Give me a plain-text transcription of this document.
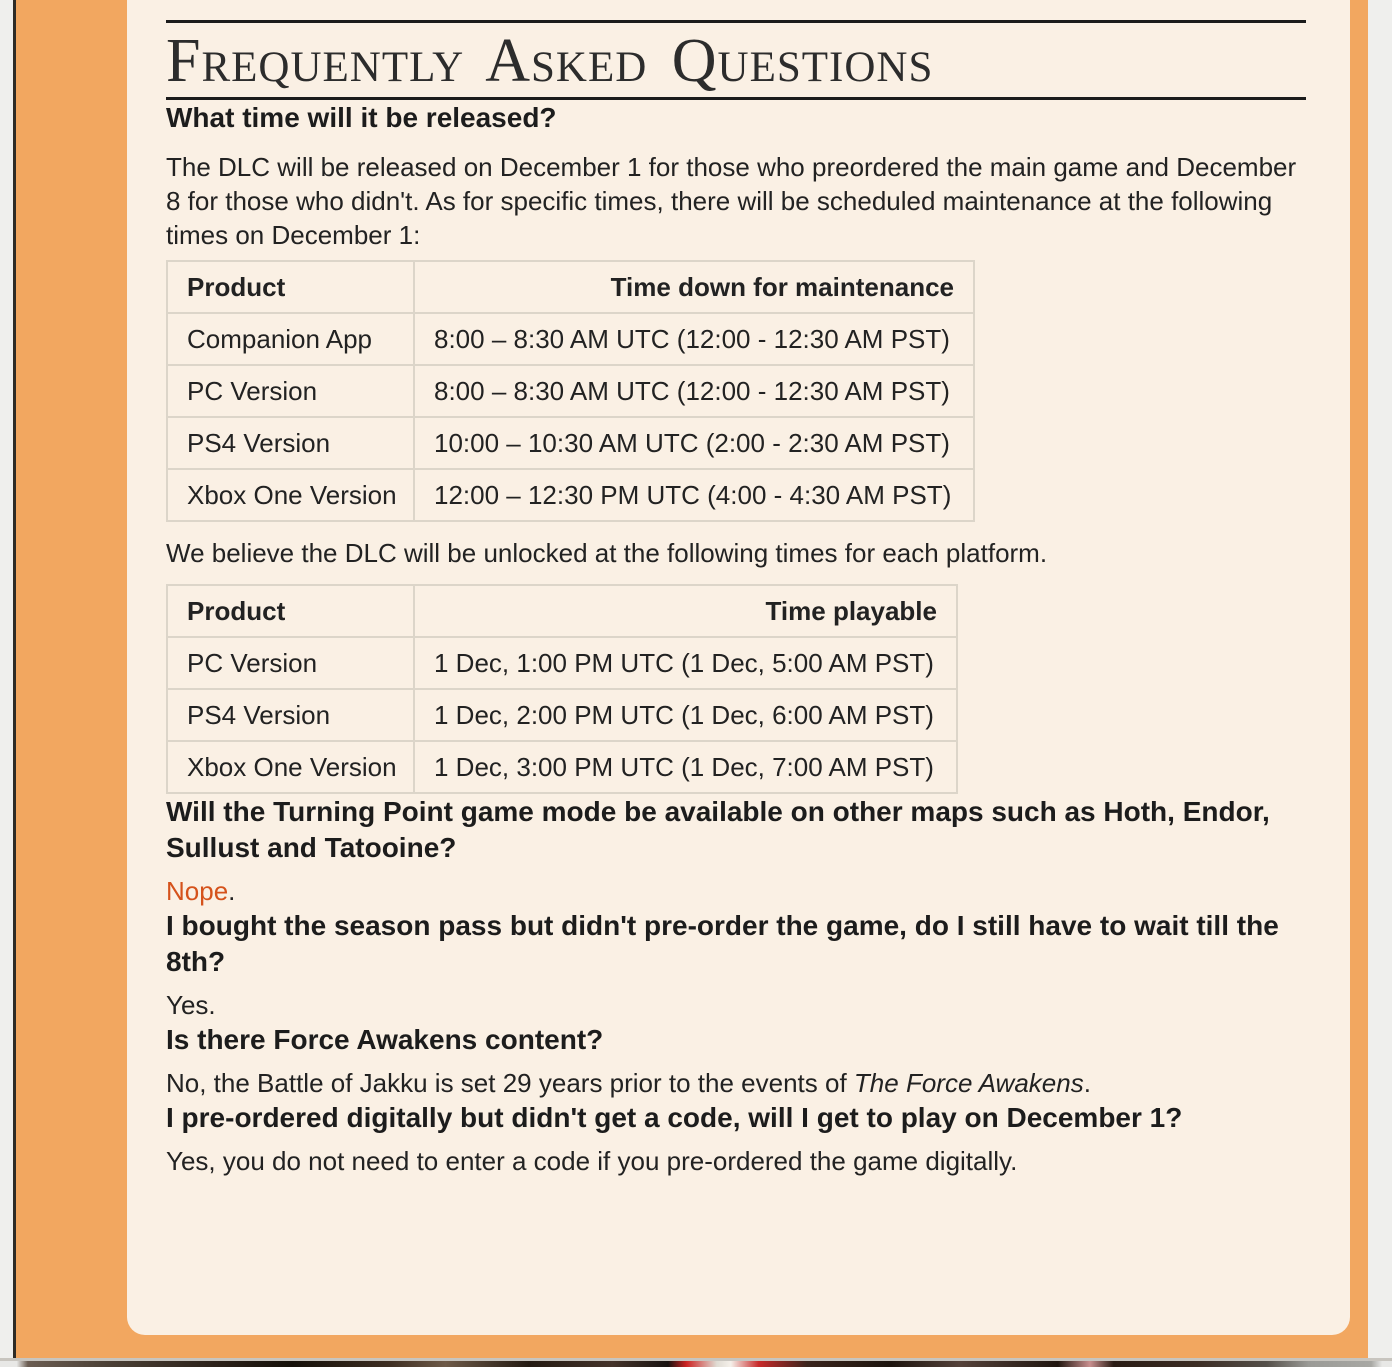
Frequently Asked Questions
What time will it be released?

The DLC will be released on December 1 for those who preordered the main game and December 8 for those who didn't. As for specific times, there will be scheduled maintenance at the following times on December 1:

Product	Time down for maintenance
Companion App	8:00 – 8:30 AM UTC (12:00 - 12:30 AM PST)
PC Version	8:00 – 8:30 AM UTC (12:00 - 12:30 AM PST)
PS4 Version	10:00 – 10:30 AM UTC (2:00 - 2:30 AM PST)
Xbox One Version	12:00 – 12:30 PM UTC (4:00 - 4:30 AM PST)

We believe the DLC will be unlocked at the following times for each platform.

Product	Time playable
PC Version	1 Dec, 1:00 PM UTC (1 Dec, 5:00 AM PST)
PS4 Version	1 Dec, 2:00 PM UTC (1 Dec, 6:00 AM PST)
Xbox One Version	1 Dec, 3:00 PM UTC (1 Dec, 7:00 AM PST)
Will the Turning Point game mode be available on other maps such as Hoth, Endor, Sullust and Tatooine?

Nope.

I bought the season pass but didn't pre-order the game, do I still have to wait till the 8th?

Yes.

Is there Force Awakens content?

No, the Battle of Jakku is set 29 years prior to the events of The Force Awakens.

I pre-ordered digitally but didn't get a code, will I get to play on December 1?

Yes, you do not need to enter a code if you pre-ordered the game digitally.
